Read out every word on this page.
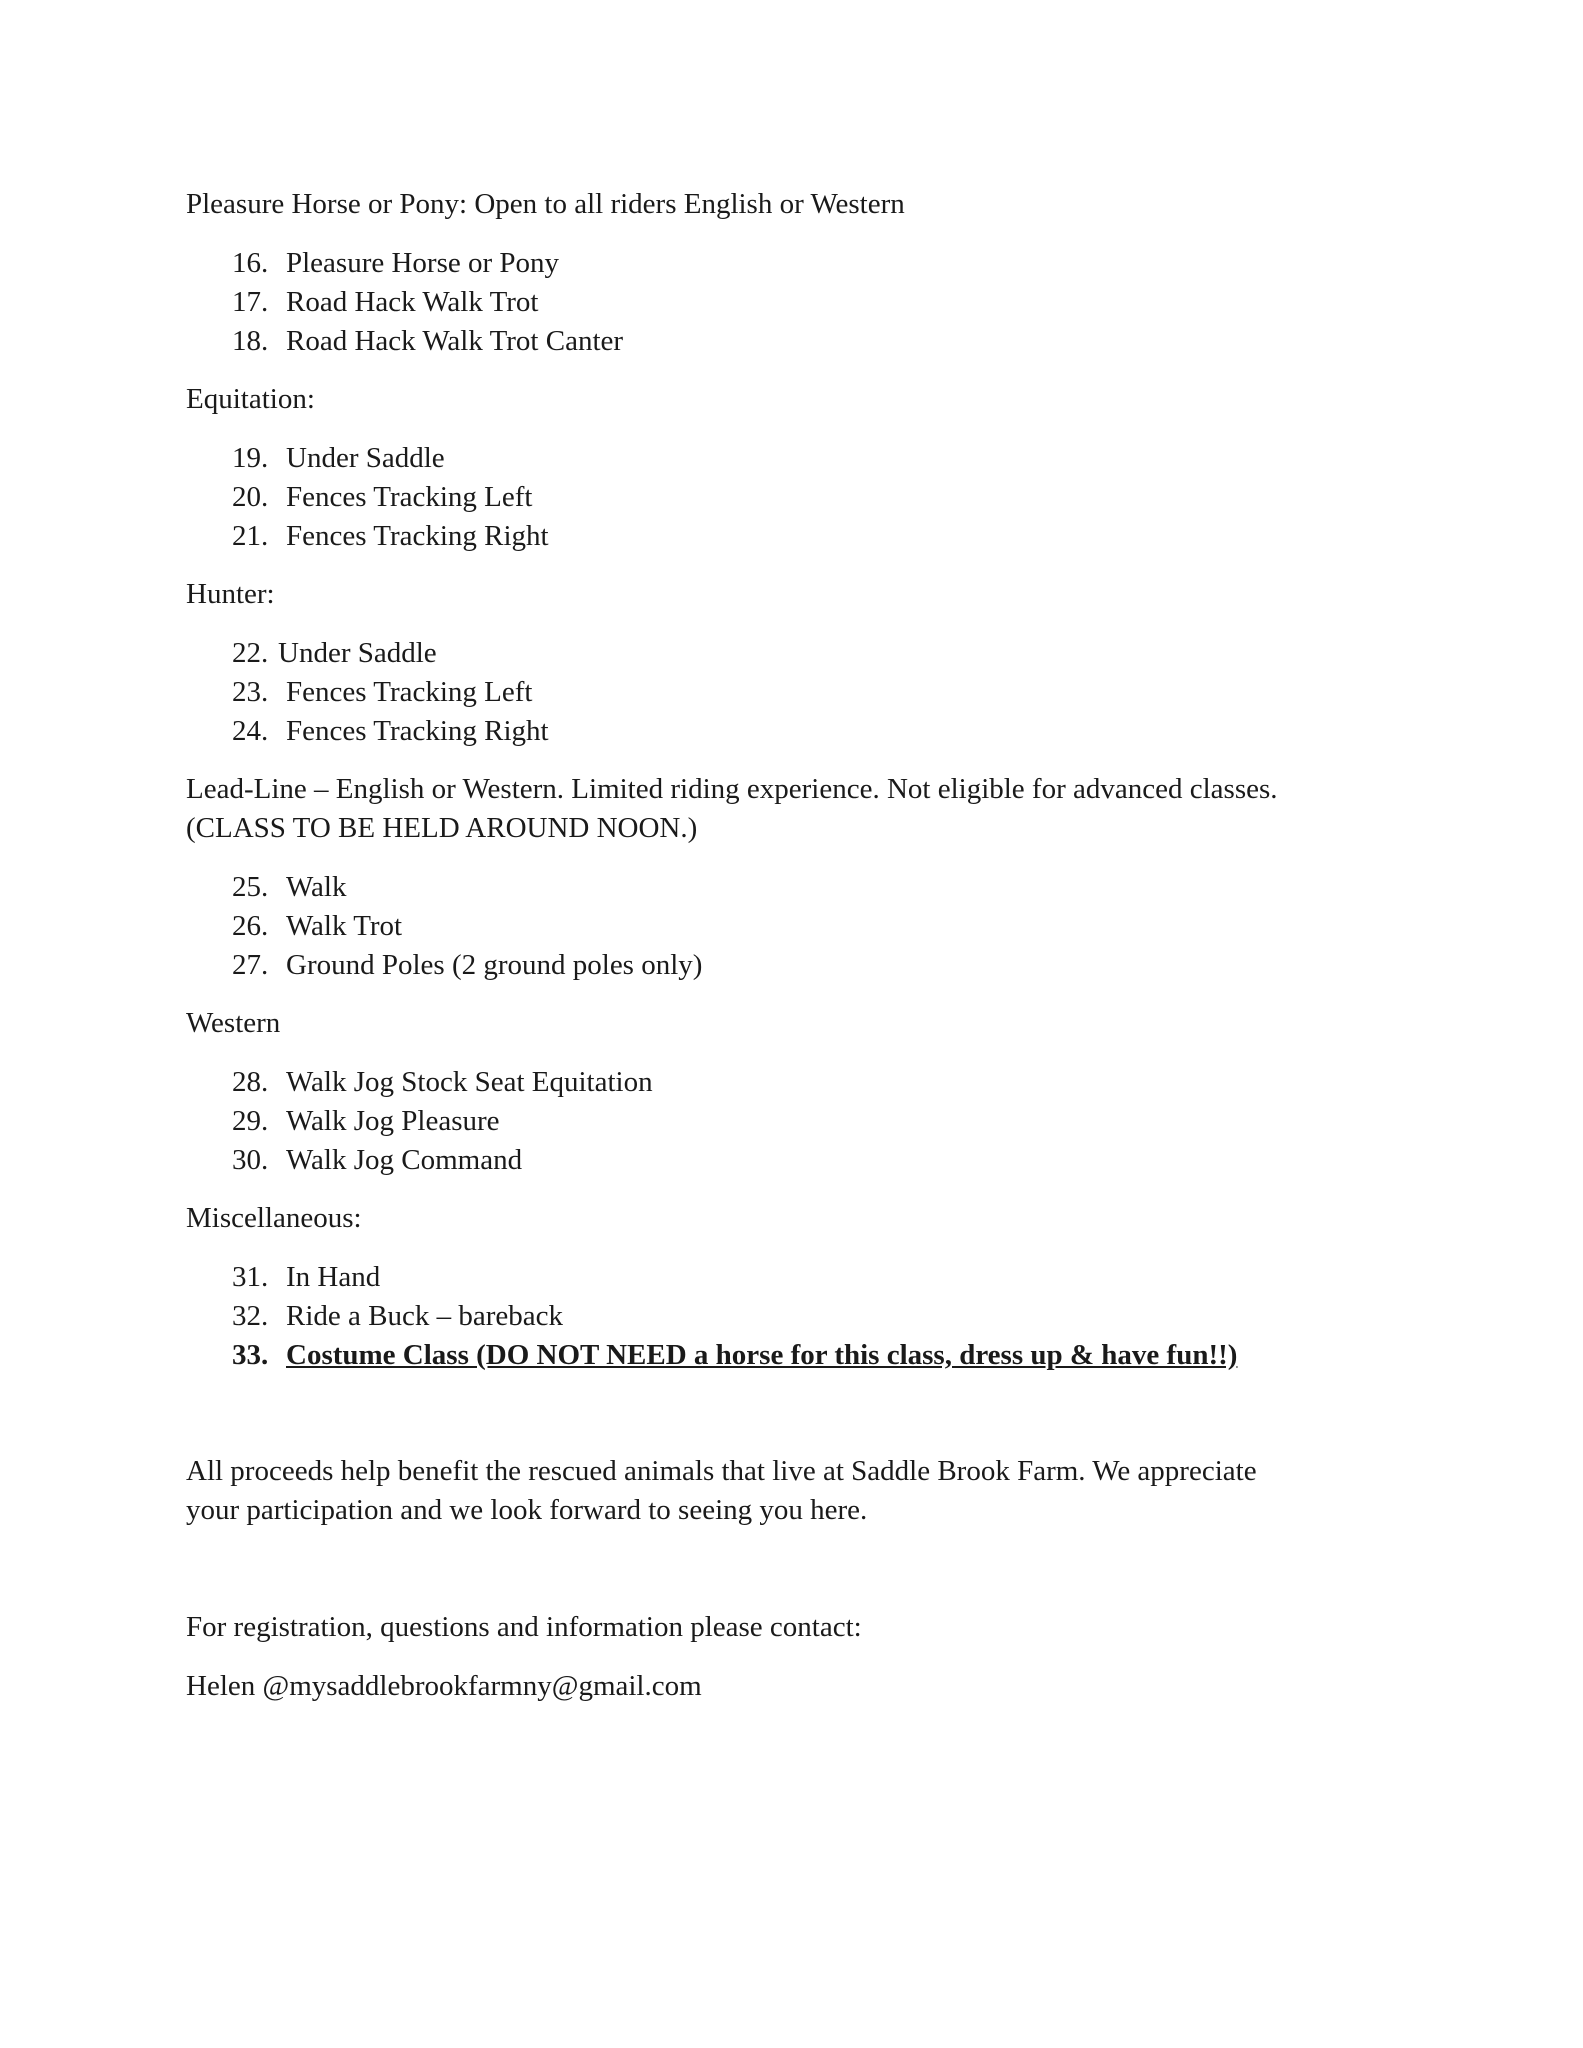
Pleasure Horse or Pony: Open to all riders English or Western

16. Pleasure Horse or Pony
17. Road Hack Walk Trot
18. Road Hack Walk Trot Canter

Equitation:

19. Under Saddle
20. Fences Tracking Left
21. Fences Tracking Right

Hunter:

22. Under Saddle
23. Fences Tracking Left
24. Fences Tracking Right

Lead-Line – English or Western. Limited riding experience. Not eligible for advanced classes.

(CLASS TO BE HELD AROUND NOON.)

25. Walk
26. Walk Trot
27. Ground Poles (2 ground poles only)

Western

28. Walk Jog Stock Seat Equitation
29. Walk Jog Pleasure
30. Walk Jog Command

Miscellaneous:

31. In Hand
32. Ride a Buck – bareback
33. Costume Class (DO NOT NEED a horse for this class, dress up & have fun!!)

All proceeds help benefit the rescued animals that live at Saddle Brook Farm. We appreciate

your participation and we look forward to seeing you here.

For registration, questions and information please contact:

Helen @mysaddlebrookfarmny@gmail.com
